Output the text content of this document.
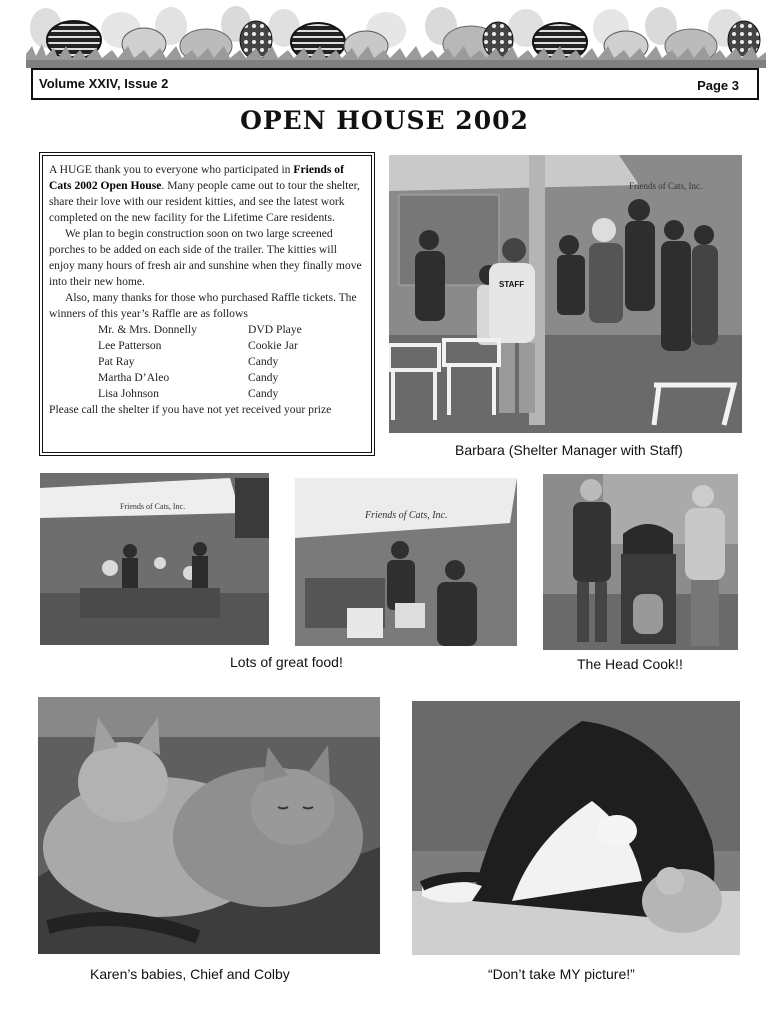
Volume XXIV, Issue 2	Page 3
OPEN HOUSE 2002

A HUGE thank you to everyone who participated in Friends of Cats 2002 Open House. Many people came out to tour the shelter, share their love with our resident kitties, and see the latest work completed on the new facility for the Lifetime Care residents.

We plan to begin construction soon on two large screened porches to be added on each side of the trailer. The kitties will enjoy many hours of fresh air and sunshine when they finally move into their new home.

Also, many thanks for those who purchased Raffle tickets. The winners of this year’s Raffle are as follows

Mr. & Mrs. Donnelly	DVD Playe
Lee Patterson	Cookie Jar
Pat Ray	Candy
Martha D’Aleo	Candy
Lisa Johnson	Candy

Please call the shelter if you have not yet received your prize

Friends of Cats, Inc.
STAFF
Barbara (Shelter Manager with Staff)
Friends of Cats, Inc.
Friends of Cats, Inc.
Lots of great food!	The Head Cook!!
Karen’s babies, Chief and Colby	“Don’t take MY picture!”
